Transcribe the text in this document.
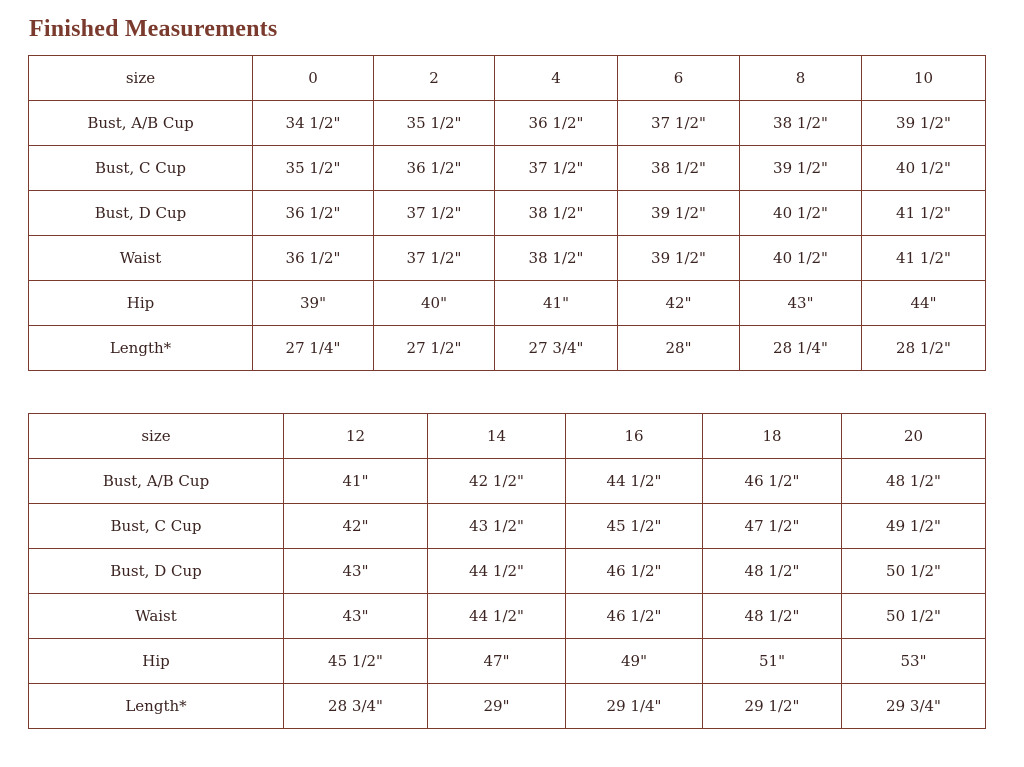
Finished Measurements
size	0	2	4	6	8	10
Bust, A/B Cup	34 1/2"	35 1/2"	36 1/2"	37 1/2"	38 1/2"	39 1/2"
Bust, C Cup	35 1/2"	36 1/2"	37 1/2"	38 1/2"	39 1/2"	40 1/2"
Bust, D Cup	36 1/2"	37 1/2"	38 1/2"	39 1/2"	40 1/2"	41 1/2"
Waist	36 1/2"	37 1/2"	38 1/2"	39 1/2"	40 1/2"	41 1/2"
Hip	39"	40"	41"	42"	43"	44"
Length*	27 1/4"	27 1/2"	27 3/4"	28"	28 1/4"	28 1/2"
size	12	14	16	18	20
Bust, A/B Cup	41"	42 1/2"	44 1/2"	46 1/2"	48 1/2"
Bust, C Cup	42"	43 1/2"	45 1/2"	47 1/2"	49 1/2"
Bust, D Cup	43"	44 1/2"	46 1/2"	48 1/2"	50 1/2"
Waist	43"	44 1/2"	46 1/2"	48 1/2"	50 1/2"
Hip	45 1/2"	47"	49"	51"	53"
Length*	28 3/4"	29"	29 1/4"	29 1/2"	29 3/4"
